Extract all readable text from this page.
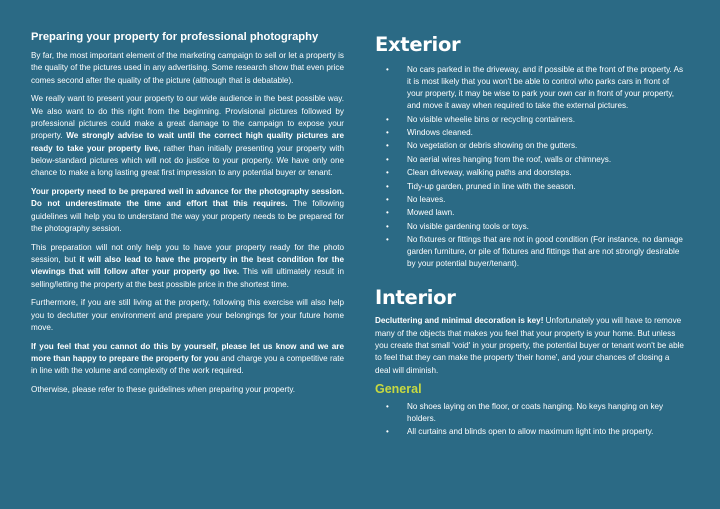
Preparing your property for professional photography

By far, the most important element of the marketing campaign to sell or let a property is the quality of the pictures used in any advertising. Some research show that even price comes second after the quality of the picture (although that is debatable).

We really want to present your property to our wide audience in the best possible way. We also want to do this right from the beginning. Provisional pictures followed by professional pictures could make a great damage to the campaign to expose your property. We strongly advise to wait until the correct high quality pictures are ready to take your property live, rather than initially presenting your property with below-standard pictures which will not do justice to your property. We have only one chance to make a long lasting great first impression to any potential buyer or tenant.

Your property need to be prepared well in advance for the photography session. Do not underestimate the time and effort that this requires. The following guidelines will help you to understand the way your property needs to be prepared for the photography session.

This preparation will not only help you to have your property ready for the photo session, but it will also lead to have the property in the best condition for the viewings that will follow after your property go live. This will ultimately result in selling/letting the property at the best possible price in the shortest time.

Furthermore, if you are still living at the property, following this exercise will also help you to declutter your environment and prepare your belongings for your future home move.

If you feel that you cannot do this by yourself, please let us know and we are more than happy to prepare the property for you and charge you a competitive rate in line with the volume and complexity of the work required.

Otherwise, please refer to these guidelines when preparing your property.

Exterior
• No cars parked in the driveway, and if possible at the front of the property. As it is most likely that you won't be able to control who parks cars in front of your property, it may be wise to park your own car in front of your property, and move it away when required to take the external pictures.
• No visible wheelie bins or recycling containers.
• Windows cleaned.
• No vegetation or debris showing on the gutters.
• No aerial wires hanging from the roof, walls or chimneys.
• Clean driveway, walking paths and doorsteps.
• Tidy-up garden, pruned in line with the season.
• No leaves.
• Mowed lawn.
• No visible gardening tools or toys.
• No fixtures or fittings that are not in good condition (For instance, no damage garden furniture, or pile of fixtures and fittings that are not strongly desirable by your potential buyer/tenant).
Interior

Decluttering and minimal decoration is key! Unfortunately you will have to remove many of the objects that makes you feel that your property is your home. But unless you create that small 'void' in your property, the potential buyer or tenant won't be able to feel that they can make the property 'their home', and your chances of closing a deal will diminish.

General
• No shoes laying on the floor, or coats hanging. No keys hanging on key holders.
• All curtains and blinds open to allow maximum light into the property.
